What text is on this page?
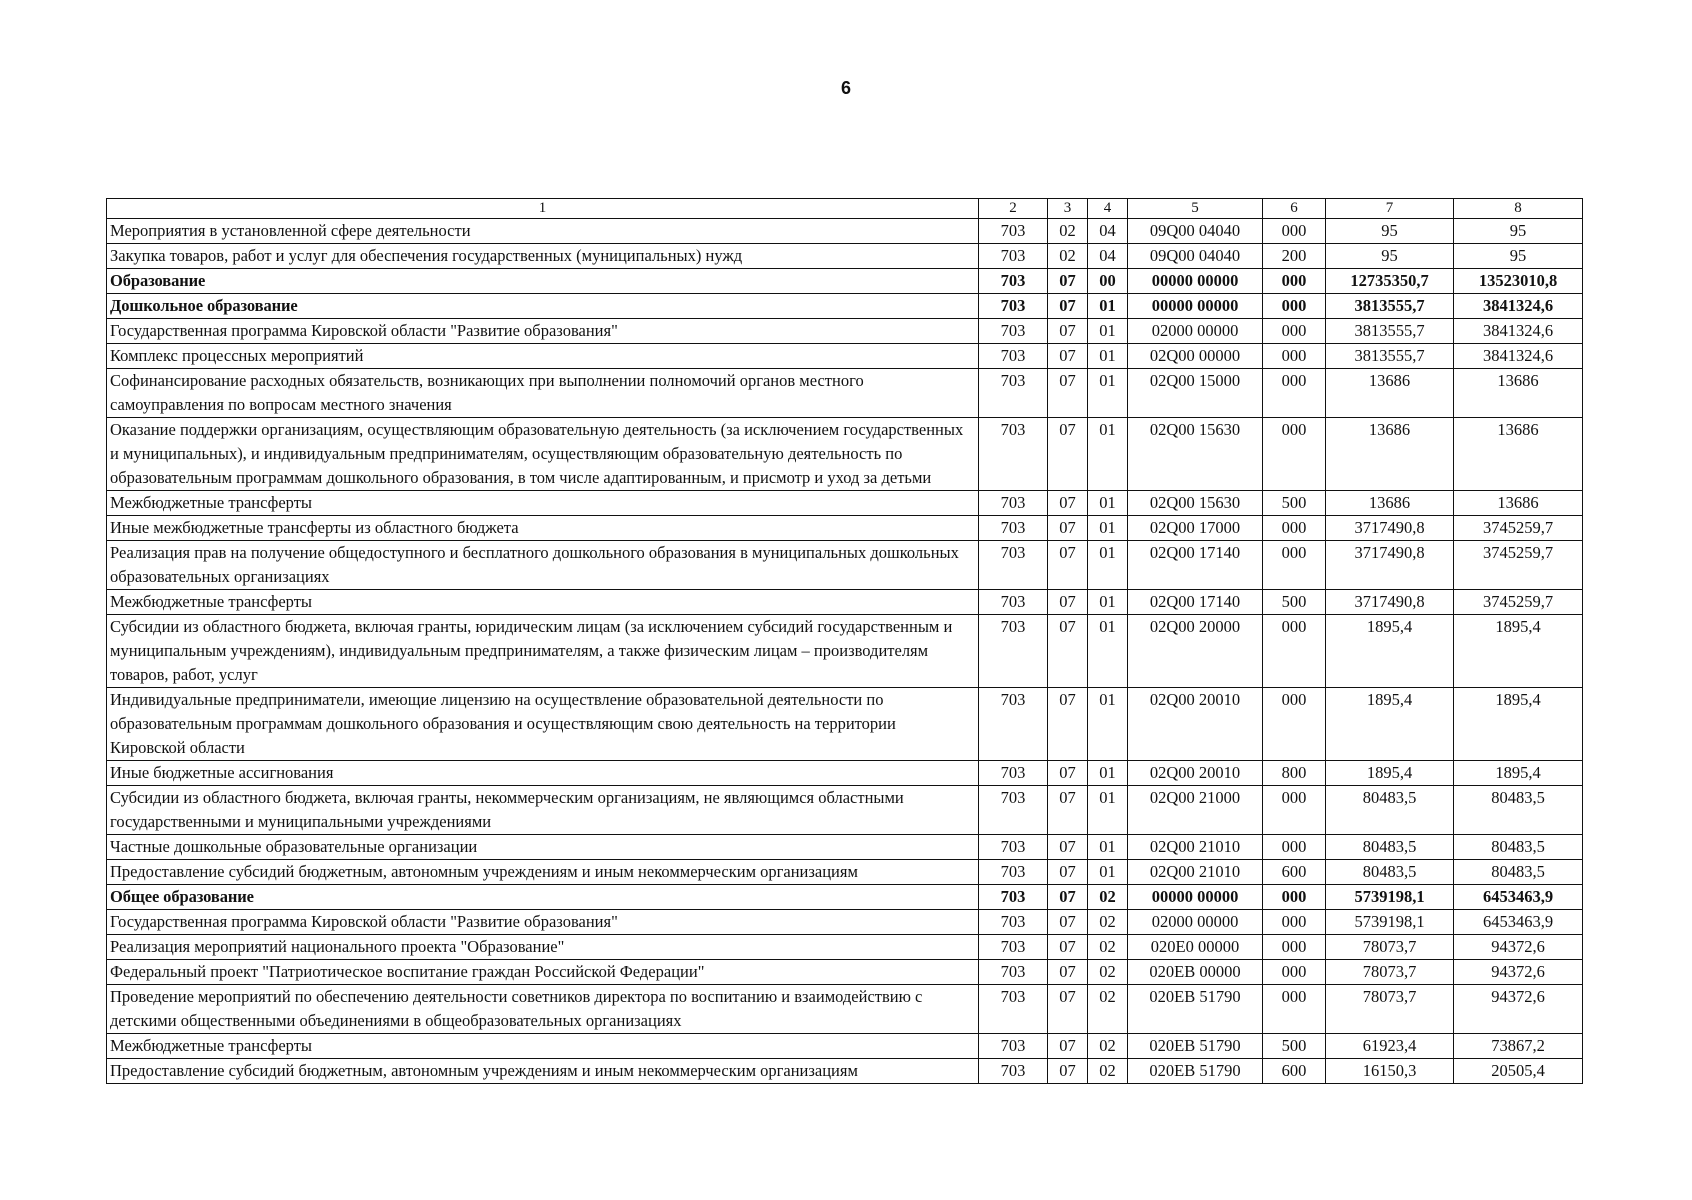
6
1	2	3	4	5	6	7	8
Мероприятия в установленной сфере деятельности	703	02	04	09Q00 04040	000	95	95
Закупка товаров, работ и услуг для обеспечения государственных (муниципальных) нужд	703	02	04	09Q00 04040	200	95	95
Образование	703	07	00	00000 00000	000	12735350,7	13523010,8
Дошкольное образование	703	07	01	00000 00000	000	3813555,7	3841324,6
Государственная программа Кировской области "Развитие образования"	703	07	01	02000 00000	000	3813555,7	3841324,6
Комплекс процессных мероприятий	703	07	01	02Q00 00000	000	3813555,7	3841324,6
Софинансирование расходных обязательств, возникающих при выполнении полномочий органов местного самоуправления по вопросам местного значения	703	07	01	02Q00 15000	000	13686	13686
Оказание поддержки организациям, осуществляющим образовательную деятельность (за исключением государственных и муниципальных), и индивидуальным предпринимателям, осуществляющим образовательную деятельность по образовательным программам дошкольного образования, в том числе адаптированным, и присмотр и уход за детьми	703	07	01	02Q00 15630	000	13686	13686
Межбюджетные трансферты	703	07	01	02Q00 15630	500	13686	13686
Иные межбюджетные трансферты из областного бюджета	703	07	01	02Q00 17000	000	3717490,8	3745259,7
Реализация прав на получение общедоступного и бесплатного дошкольного образования в муниципальных дошкольных образовательных организациях	703	07	01	02Q00 17140	000	3717490,8	3745259,7
Межбюджетные трансферты	703	07	01	02Q00 17140	500	3717490,8	3745259,7
Субсидии из областного бюджета, включая гранты, юридическим лицам (за исключением субсидий государственным и муниципальным учреждениям), индивидуальным предпринимателям, а также физическим лицам – производителям товаров, работ, услуг	703	07	01	02Q00 20000	000	1895,4	1895,4
Индивидуальные предприниматели, имеющие лицензию на осуществление образовательной деятельности по образовательным программам дошкольного образования и осуществляющим свою деятельность на территории Кировской области	703	07	01	02Q00 20010	000	1895,4	1895,4
Иные бюджетные ассигнования	703	07	01	02Q00 20010	800	1895,4	1895,4
Субсидии из областного бюджета, включая гранты, некоммерческим организациям, не являющимся областными государственными и муниципальными учреждениями	703	07	01	02Q00 21000	000	80483,5	80483,5
Частные дошкольные образовательные организации	703	07	01	02Q00 21010	000	80483,5	80483,5
Предоставление субсидий бюджетным, автономным учреждениям и иным некоммерческим организациям	703	07	01	02Q00 21010	600	80483,5	80483,5
Общее образование	703	07	02	00000 00000	000	5739198,1	6453463,9
Государственная программа Кировской области "Развитие образования"	703	07	02	02000 00000	000	5739198,1	6453463,9
Реализация мероприятий национального проекта "Образование"	703	07	02	020E0 00000	000	78073,7	94372,6
Федеральный проект "Патриотическое воспитание граждан Российской Федерации"	703	07	02	020EB 00000	000	78073,7	94372,6
Проведение мероприятий по обеспечению деятельности советников директора по воспитанию и взаимодействию с детскими общественными объединениями в общеобразовательных организациях	703	07	02	020EB 51790	000	78073,7	94372,6
Межбюджетные трансферты	703	07	02	020EB 51790	500	61923,4	73867,2
Предоставление субсидий бюджетным, автономным учреждениям и иным некоммерческим организациям	703	07	02	020EB 51790	600	16150,3	20505,4
